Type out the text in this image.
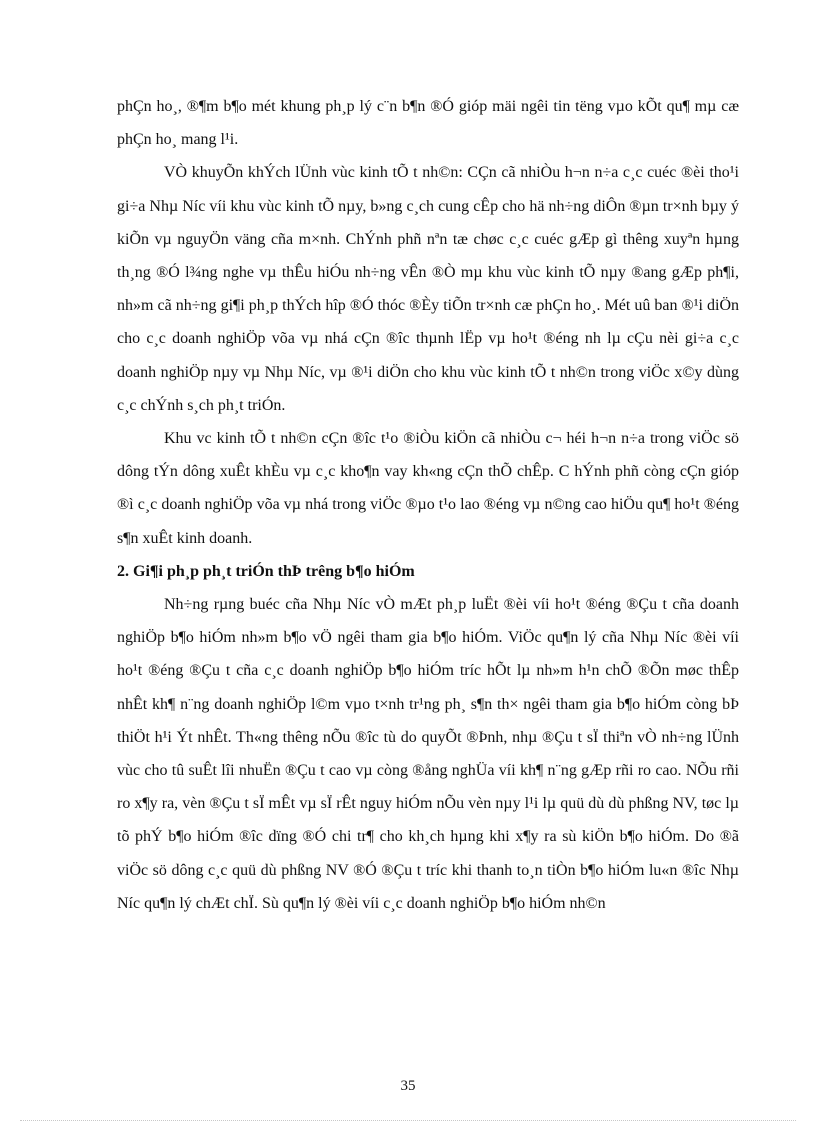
phÇn ho¸, ®¶m b¶o mét khung ph¸p lý c¨n b¶n ®Ó gióp mäi ngêi tin tëng vµo kÕt qu¶ mµ cæ phÇn ho¸ mang l¹i.

VÒ khuyÕn khÝch lÜnh vùc kinh tÕ t nh©n: CÇn cã nhiÒu h¬n n÷a c¸c cuéc ®èi tho¹i gi÷a Nhµ Níc víi khu vùc kinh tÕ nµy, b»ng c¸ch cung cÊp cho hä nh÷ng diÔn ®µn tr×nh bµy ý kiÕn vµ nguyÖn väng cña m×nh. ChÝnh phñ nªn tæ chøc c¸c cuéc gÆp gì thêng xuyªn hµng th¸ng ®Ó l¾ng nghe vµ thÊu hiÓu nh÷ng vÊn ®Ò mµ khu vùc kinh tÕ nµy ®ang gÆp ph¶i, nh»m cã nh÷ng gi¶i ph¸p thÝch hîp ®Ó thóc ®Èy tiÕn tr×nh cæ phÇn ho¸. Mét uû ban ®¹i diÖn cho c¸c doanh nghiÖp võa vµ nhá cÇn ®îc thµnh lËp vµ ho¹t ®éng nh lµ cÇu nèi gi÷a c¸c doanh nghiÖp nµy vµ Nhµ Níc, vµ ®¹i diÖn cho khu vùc kinh tÕ t nh©n trong viÖc x©y dùng c¸c chÝnh s¸ch ph¸t triÓn.

Khu vc kinh tÕ t nh©n cÇn ®îc t¹o ®iÒu kiÖn cã nhiÒu c¬ héi h¬n n÷a trong viÖc sö dông tÝn dông xuÊt khÈu vµ c¸c kho¶n vay kh«ng cÇn thÕ chÊp. C hÝnh phñ còng cÇn gióp ®ì c¸c doanh nghiÖp võa vµ nhá trong viÖc ®µo t¹o lao ®éng vµ n©ng cao hiÖu qu¶ ho¹t ®éng s¶n xuÊt kinh doanh.

2. Gi¶i ph¸p ph¸t triÓn thÞ trêng b¶o hiÓm

Nh÷ng rµng buéc cña Nhµ Níc vÒ mÆt ph¸p luËt ®èi víi ho¹t ®éng ®Çu t cña doanh nghiÖp b¶o hiÓm nh»m b¶o vÖ ngêi tham gia b¶o hiÓm. ViÖc qu¶n lý cña Nhµ Níc ®èi víi ho¹t ®éng ®Çu t cña c¸c doanh nghiÖp b¶o hiÓm tríc hÕt lµ nh»m h¹n chÕ ®Õn møc thÊp nhÊt kh¶ n¨ng doanh nghiÖp l©m vµo t×nh tr¹ng ph¸ s¶n th× ngêi tham gia b¶o hiÓm còng bÞ thiÖt h¹i Ýt nhÊt. Th«ng thêng nÕu ®îc tù do quyÕt ®Þnh, nhµ ®Çu t sÏ thiªn vÒ nh÷ng lÜnh vùc cho tû suÊt lîi nhuËn ®Çu t cao vµ còng ®ång nghÜa víi kh¶ n¨ng gÆp rñi ro cao. NÕu rñi ro x¶y ra, vèn ®Çu t sÏ mÊt vµ sÏ rÊt nguy hiÓm nÕu vèn nµy l¹i lµ quü dù dù phßng NV, tøc lµ tõ phÝ b¶o hiÓm ®îc dïng ®Ó chi tr¶ cho kh¸ch hµng khi x¶y ra sù kiÖn b¶o hiÓm. Do ®ã viÖc sö dông c¸c quü dù phßng NV ®Ó ®Çu t tríc khi thanh to¸n tiÒn b¶o hiÓm lu«n ®îc Nhµ Níc qu¶n lý chÆt chÏ. Sù qu¶n lý ®èi víi c¸c doanh nghiÖp b¶o hiÓm nh©n

35
